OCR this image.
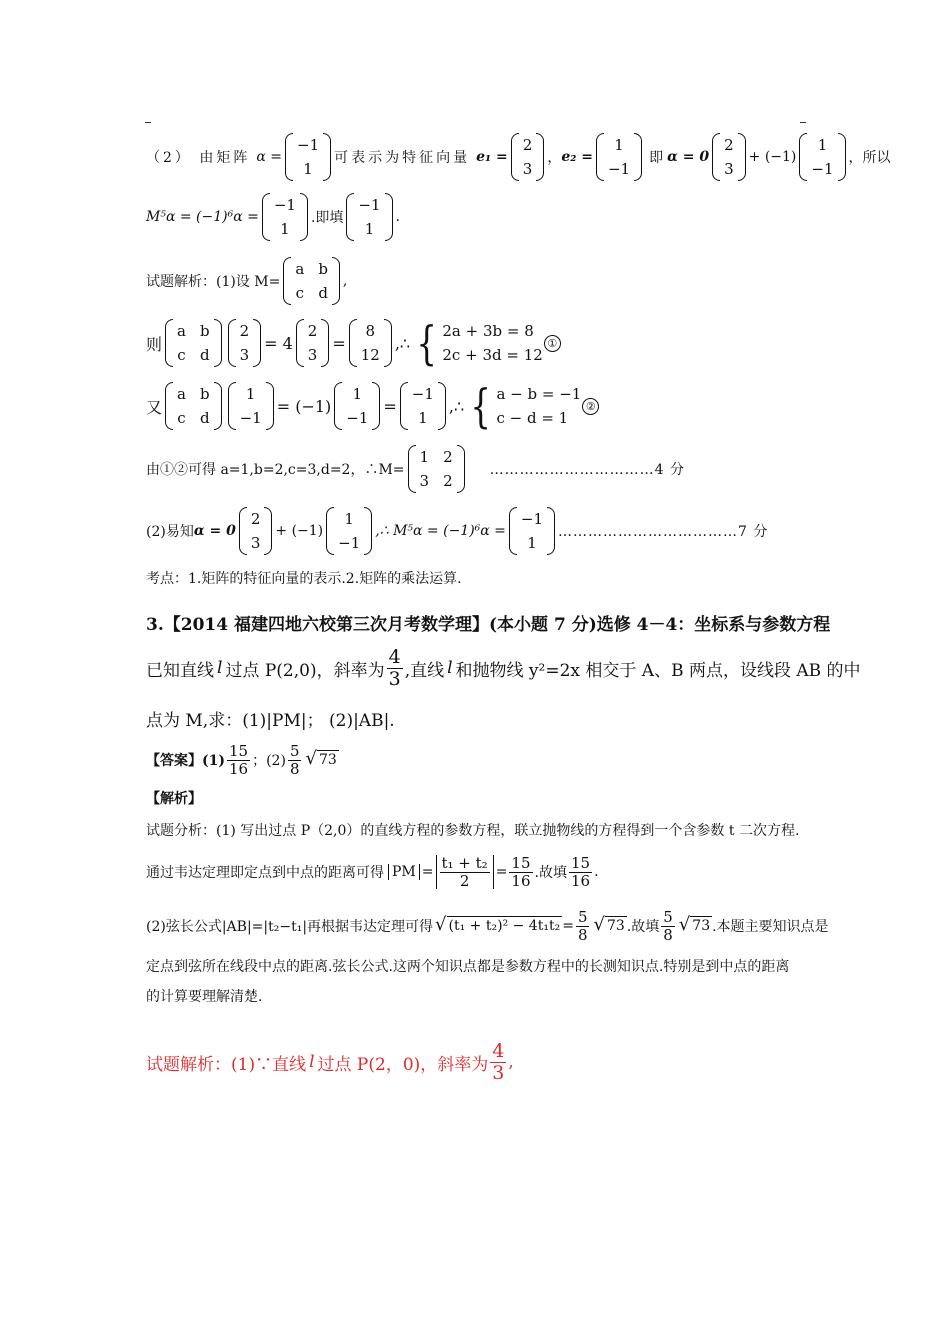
（2） 由矩阵 α =
−1
1
可表示为特征向量 e₁ =
2
3
， e₂ =
1
−1
即 α = 0
2
3
+ (−1)
1
−1
，所以
M⁵α = (−1)⁶α =
−1
1
.即填
−1
1
.
试题解析：(1)设 M=
a b
c d
,
则
a b
c d
2
3
= 4
2
3
=
8
12
,∴ { 2a + 3b = 8
2c + 3d = 12
①
又
a b
c d
1
−1
= (−1)
1
−1
=
−1
1
,∴ { a − b = −1
c − d = 1
②
由①②可得 a=1,b=2,c=3,d=2，∴M=
1 2
3 2
……………………………4 分
(2)易知 α = 0
2
3
+ (−1)
1
−1
,∴ M⁵α = (−1)⁶α =
−1
1
………………………………7 分
考点：1.矩阵的特征向量的表示.2.矩阵的乘法运算.
3.【2014 福建四地六校第三次月考数学理】(本小题 7 分)选修 4－4：坐标系与参数方程
已知直线 l 过点 P(2,0)，斜率为 $\frac{4}{3}$ ,直线 l 和抛物线 y²=2x 相交于 A、B 两点，设线段 AB 的中
点为 M,求：(1)|PM|； (2)|AB|.
【答案】$(1) \frac{15}{16}$ ；$(2) \frac{5}{8}$ √ 73
【解析】
试题分析：(1) 写出过点 P（2,0）的直线方程的参数方程，联立抛物线的方程得到一个含参数 t 二次方程.
通过韦达定理即定点到中点的距离可得 PM = $\frac{\text{t₁ + t₂}}{2} = \frac{15}{16}$ .故填 $\frac{15}{16}$ .
(2)弦长公式|AB|=|t₂−t₁|再根据韦达定理可得 √ $(t_1 + t_2)^2 - 4t_1t_2 = \frac{5}{8}$ √ 73 .故填 $\frac{5}{8}$ √ 73 .本题主要知识点是
定点到弦所在线段中点的距离.弦长公式.这两个知识点都是参数方程中的长测知识点.特别是到中点的距离
的计算要理解清楚.
试题解析：(1)∵直线 l 过点 P(2，0)，斜率为 $\frac{4}{3}$ ,
